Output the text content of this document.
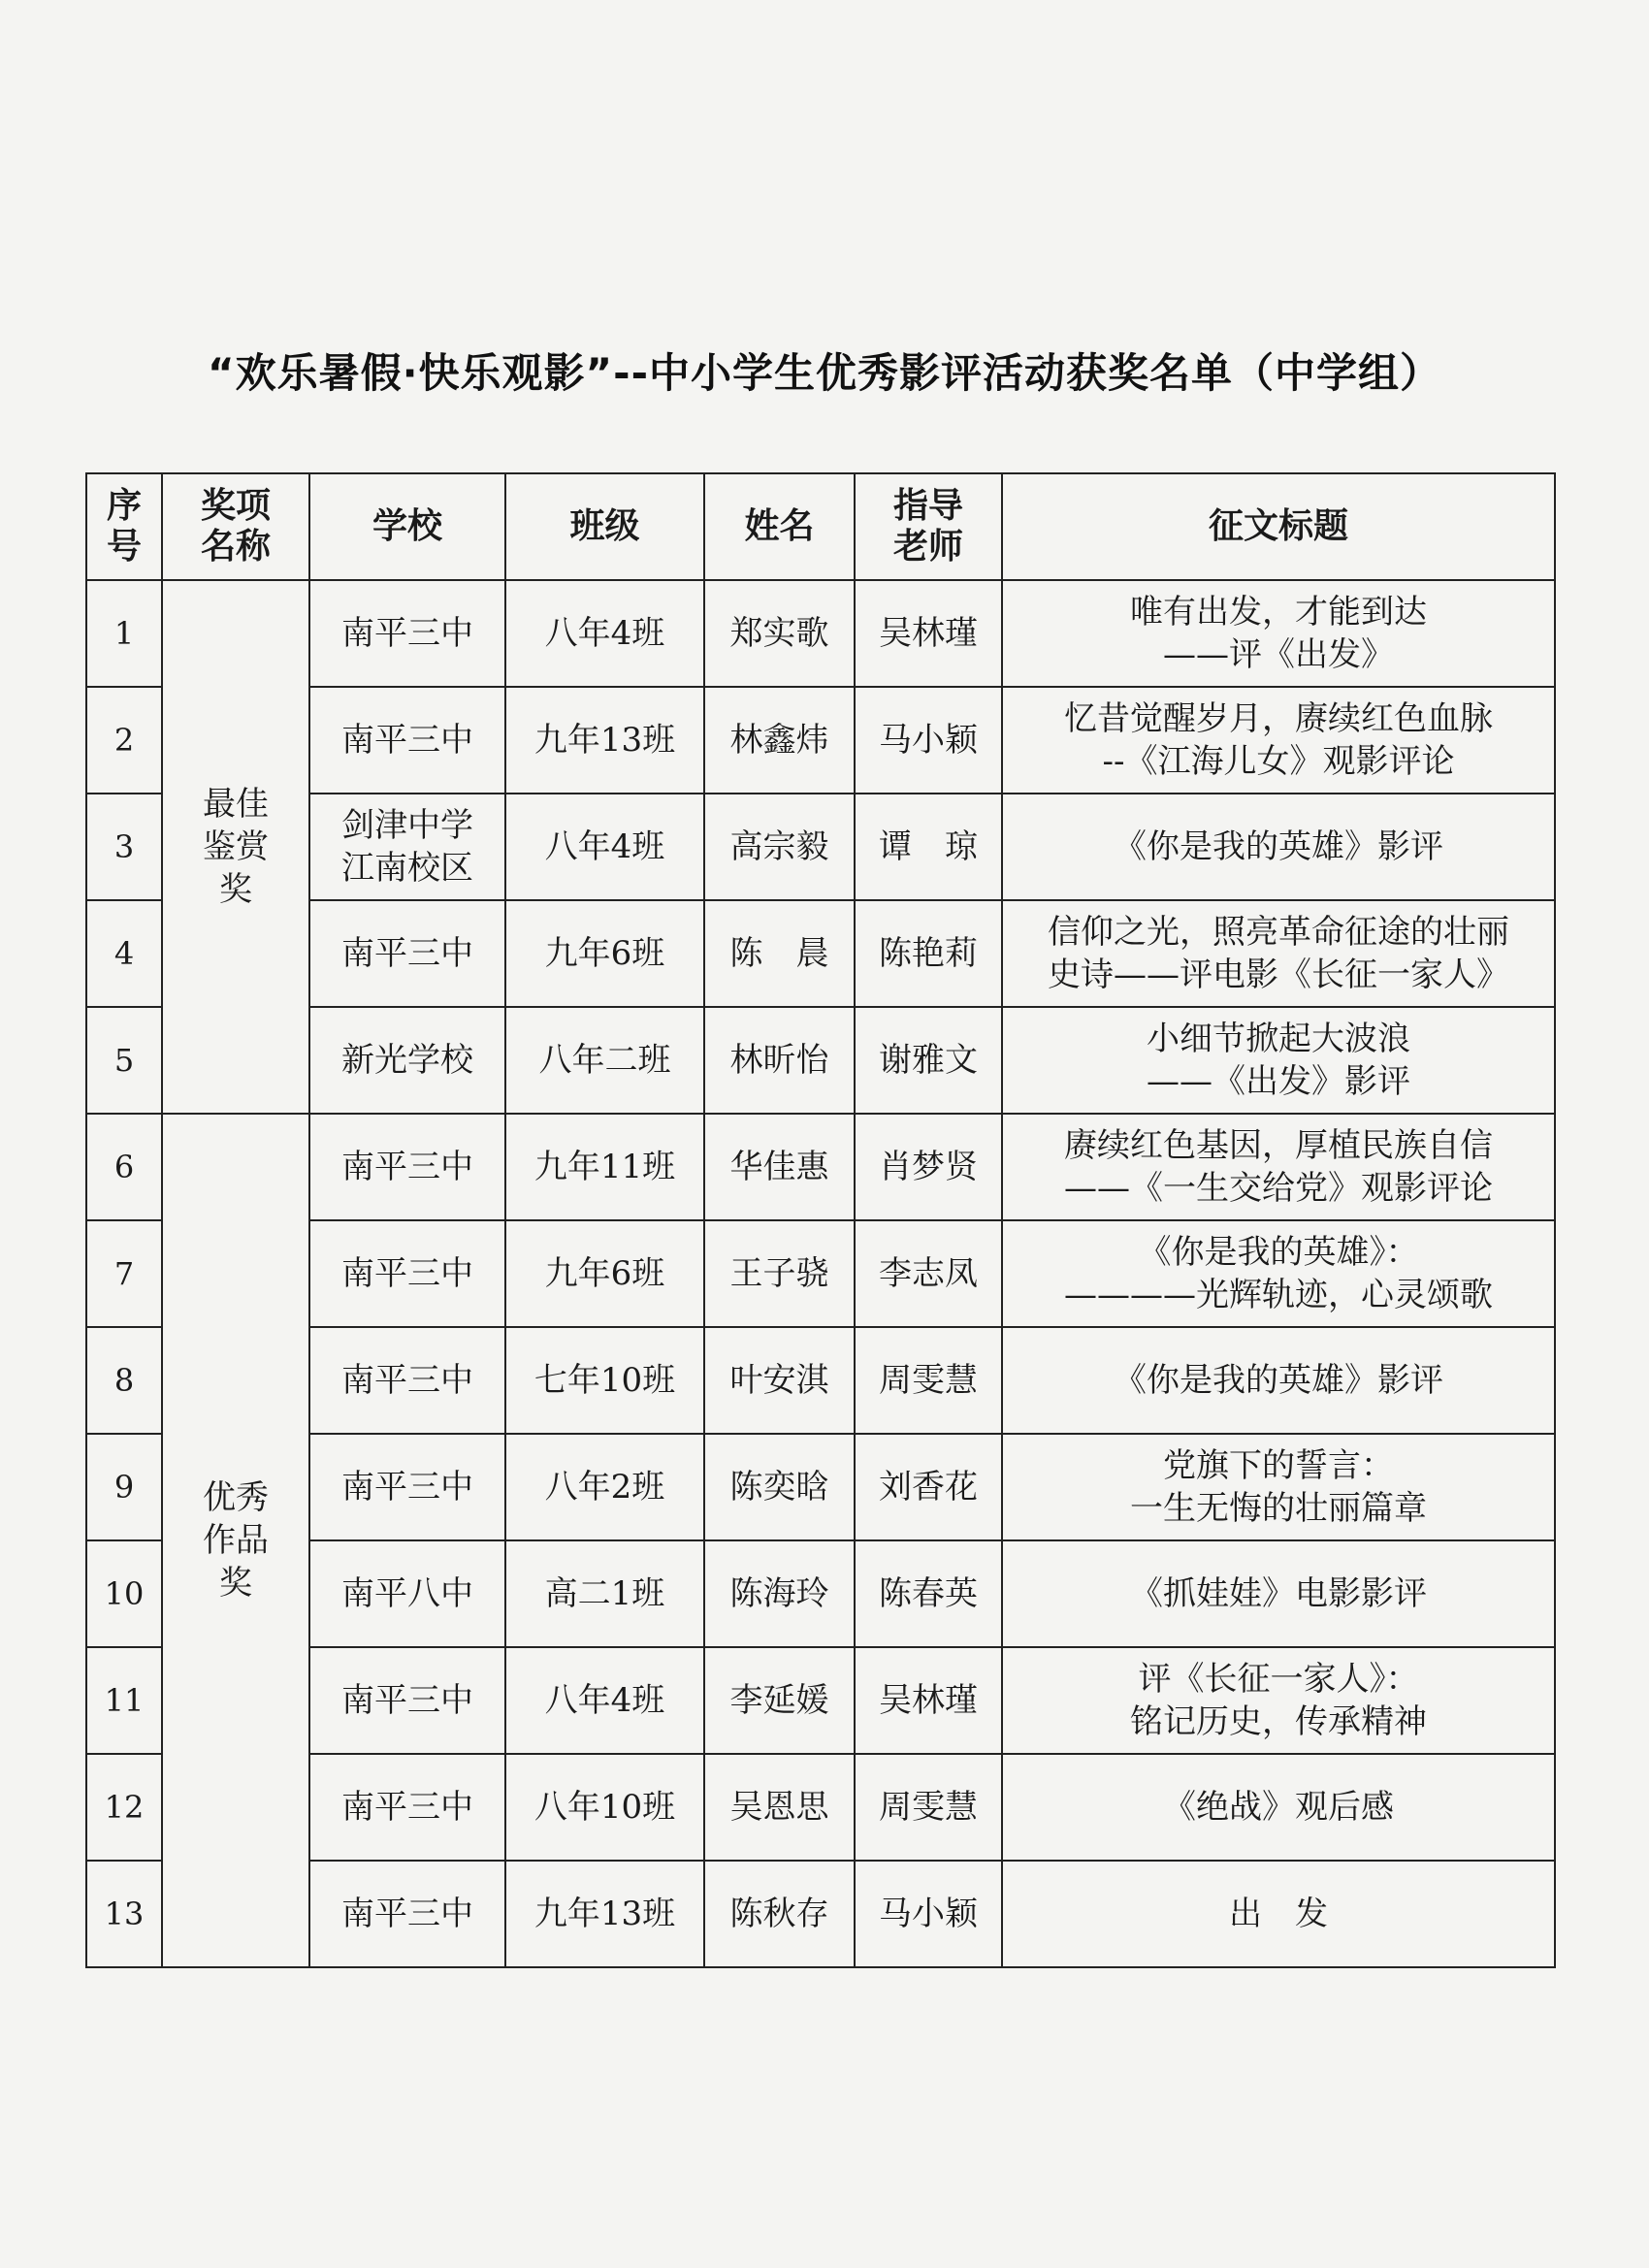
“欢乐暑假·快乐观影”--中小学生优秀影评活动获奖名单（中学组）
序号	奖项名称	学校	班级	姓名	指导老师	征文标题
1	最佳鉴赏奖	南平三中	八年4班	郑实歌	吴林瑾	唯有出发，才能到达
——评《出发》

2		南平三中	九年13班	林鑫炜	马小颖	忆昔觉醒岁月，赓续红色血脉
--《江海儿女》观影评论

3		剑津中学江南校区	八年4班	高宗毅	谭　琼	《你是我的英雄》影评

4		南平三中	九年6班	陈　晨	陈艳莉	信仰之光，照亮革命征途的壮丽
史诗——评电影《长征一家人》

5		新光学校	八年二班	林昕怡	谢雅文	小细节掀起大波浪
——《出发》影评

6	优秀作品奖	南平三中	九年11班	华佳惠	肖梦贤	赓续红色基因，厚植民族自信
——《一生交给党》观影评论

7		南平三中	九年6班	王子骁	李志凤	《你是我的英雄》：
————光辉轨迹，心灵颂歌

8		南平三中	七年10班	叶安淇	周雯慧	《你是我的英雄》影评

9		南平三中	八年2班	陈奕晗	刘香花	党旗下的誓言：
一生无悔的壮丽篇章

10		南平八中	高二1班	陈海玲	陈春英	《抓娃娃》电影影评

11		南平三中	八年4班	李延媛	吴林瑾	评《长征一家人》：
铭记历史，传承精神

12		南平三中	八年10班	吴恩思	周雯慧	《绝战》观后感

13		南平三中	九年13班	陈秋存	马小颖	出　发
